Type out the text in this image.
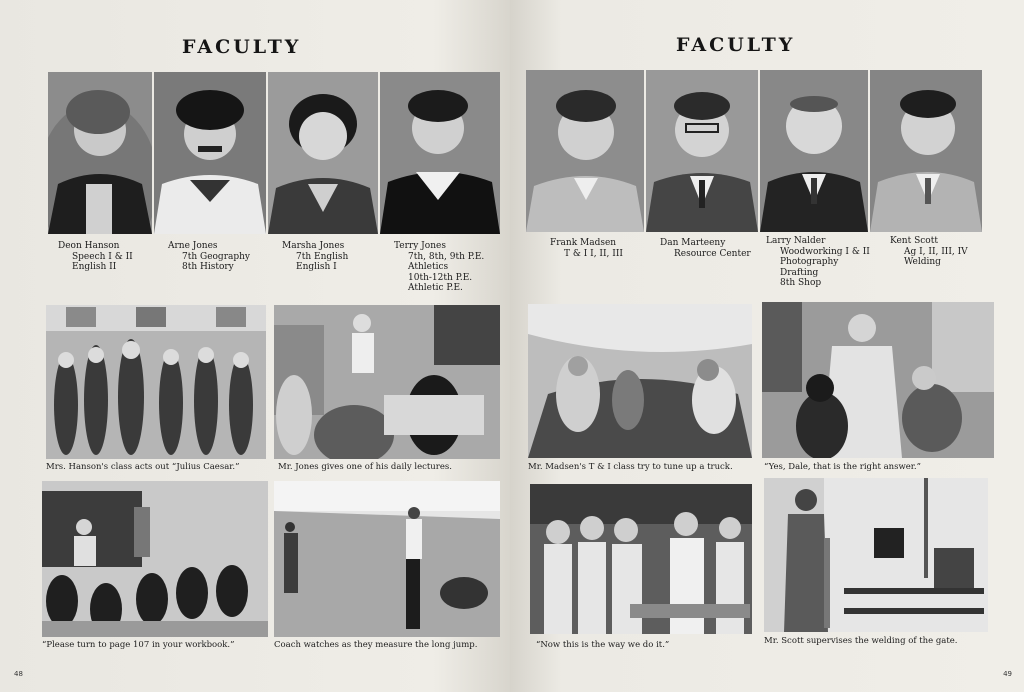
FACULTY
Deon Hanson
Speech I & II
English II
Arne Jones
7th Geography
8th History
Marsha Jones
7th English
English I
Terry Jones
7th, 8th, 9th P.E.
Athletics
10th-12th P.E.
Athletic P.E.
Mrs. Hanson's class acts out “Julius Caesar.”	Mr. Jones gives one of his daily lectures.
“Please turn to page 107 in your workbook.”	Coach watches as they measure the long jump.
48
FACULTY
Frank Madsen
T & I I, II, III
Dan Marteeny
Resource Center
Larry Nalder
Woodworking I & II
Photography
Drafting
8th Shop
Kent Scott
Ag I, II, III, IV
Welding
Mr. Madsen's T & I class try to tune up a truck.	“Yes, Dale, that is the right answer.”
“Now this is the way we do it.”	Mr. Scott supervises the welding of the gate.
49
